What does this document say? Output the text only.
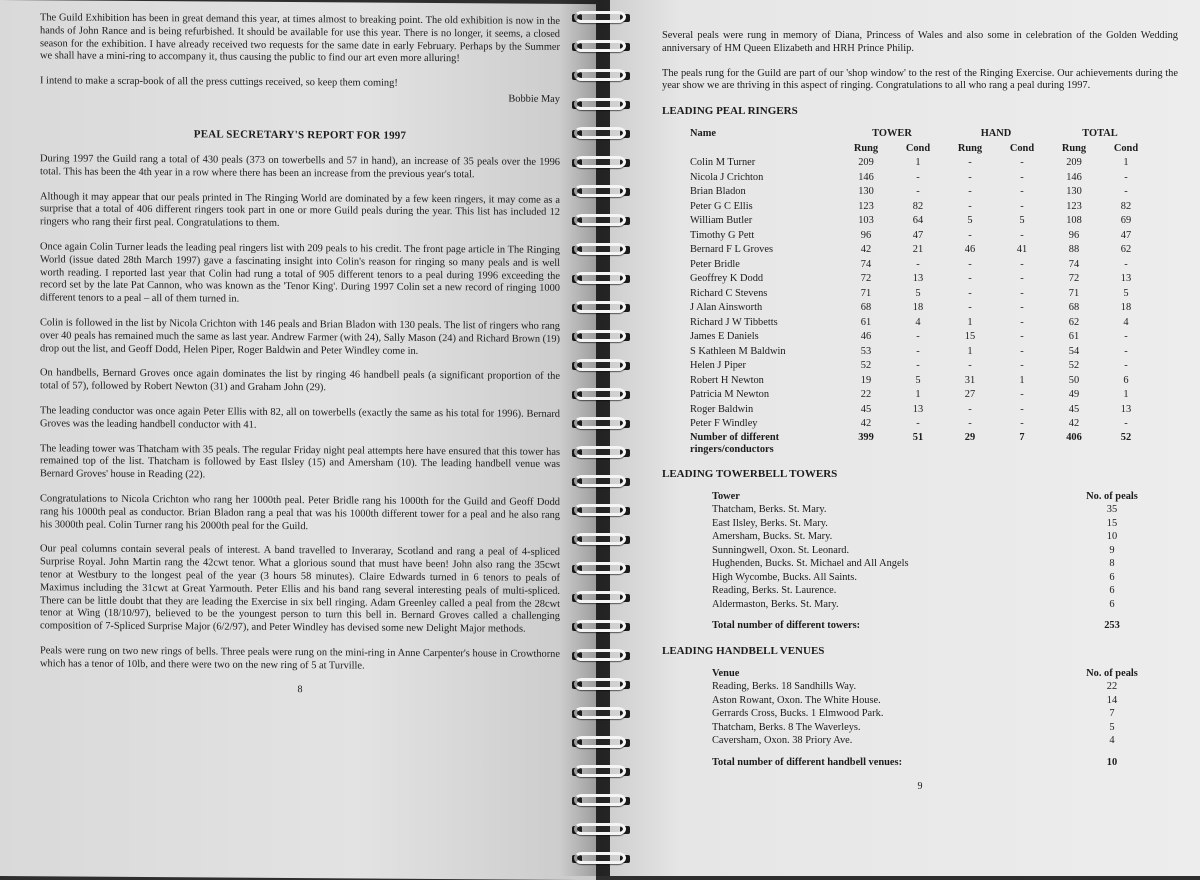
The Guild Exhibition has been in great demand this year, at times almost to breaking point. The old exhibition is now in the hands of John Rance and is being refurbished. It should be available for use this year. There is no longer, it seems, a closed season for the exhibition. I have already received two requests for the same date in early February. Perhaps by the Summer we shall have a mini-ring to accompany it, thus causing the public to find our art even more alluring!

I intend to make a scrap-book of all the press cuttings received, so keep them coming!

Bobbie May
PEAL SECRETARY'S REPORT FOR 1997

During 1997 the Guild rang a total of 430 peals (373 on towerbells and 57 in hand), an increase of 35 peals over the 1996 total. This has been the 4th year in a row where there has been an increase from the previous year's total.

Although it may appear that our peals printed in The Ringing World are dominated by a few keen ringers, it may come as a surprise that a total of 406 different ringers took part in one or more Guild peals during the year. This list has included 12 ringers who rang their first peal. Congratulations to them.

Once again Colin Turner leads the leading peal ringers list with 209 peals to his credit. The front page article in The Ringing World (issue dated 28th March 1997) gave a fascinating insight into Colin's reason for ringing so many peals and is well worth reading. I reported last year that Colin had rung a total of 905 different tenors to a peal during 1996 exceeding the record set by the late Pat Cannon, who was known as the 'Tenor King'. During 1997 Colin set a new record of ringing 1000 different tenors to a peal – all of them turned in.

Colin is followed in the list by Nicola Crichton with 146 peals and Brian Bladon with 130 peals. The list of ringers who rang over 40 peals has remained much the same as last year. Andrew Farmer (with 24), Sally Mason (24) and Richard Brown (19) drop out the list, and Geoff Dodd, Helen Piper, Roger Baldwin and Peter Windley come in.

On handbells, Bernard Groves once again dominates the list by ringing 46 handbell peals (a significant proportion of the total of 57), followed by Robert Newton (31) and Graham John (29).

The leading conductor was once again Peter Ellis with 82, all on towerbells (exactly the same as his total for 1996). Bernard Groves was the leading handbell conductor with 41.

The leading tower was Thatcham with 35 peals. The regular Friday night peal attempts here have ensured that this tower has remained top of the list. Thatcham is followed by East Ilsley (15) and Amersham (10). The leading handbell venue was Bernard Groves' house in Reading (22).

Congratulations to Nicola Crichton who rang her 1000th peal. Peter Bridle rang his 1000th for the Guild and Geoff Dodd rang his 1000th peal as conductor. Brian Bladon rang a peal that was his 1000th different tower for a peal and he also rang his 3000th peal. Colin Turner rang his 2000th peal for the Guild.

Our peal columns contain several peals of interest. A band travelled to Inveraray, Scotland and rang a peal of 4-spliced Surprise Royal. John Martin rang the 42cwt tenor. What a glorious sound that must have been! John also rang the 35cwt tenor at Westbury to the longest peal of the year (3 hours 58 minutes). Claire Edwards turned in 6 tenors to peals of Maximus including the 31cwt at Great Yarmouth. Peter Ellis and his band rang several interesting peals of multi-spliced. There can be little doubt that they are leading the Exercise in six bell ringing. Adam Greenley called a peal from the 28cwt tenor at Wing (18/10/97), believed to be the youngest person to turn this bell in. Bernard Groves called a challenging composition of 7-Spliced Surprise Major (6/2/97), and Peter Windley has devised some new Delight Major methods.

Peals were rung on two new rings of bells. Three peals were rung on the mini-ring in Anne Carpenter's house in Crowthorne which has a tenor of 10lb, and there were two on the new ring of 5 at Turville.

8

Several peals were rung in memory of Diana, Princess of Wales and also some in celebration of the Golden Wedding anniversary of HM Queen Elizabeth and HRH Prince Philip.

The peals rung for the Guild are part of our 'shop window' to the rest of the Ringing Exercise. Our achievements during the year show we are thriving in this aspect of ringing. Congratulations to all who rang a peal during 1997.

LEADING PEAL RINGERS
Name	TOWER		HAND		TOTAL	
	Rung	Cond	Rung	Cond	Rung	Cond
Colin M Turner	209	1	-	-	209	1
Nicola J Crichton	146	-	-	-	146	-
Brian Bladon	130	-	-	-	130	-
Peter G C Ellis	123	82	-	-	123	82
William Butler	103	64	5	5	108	69
Timothy G Pett	96	47	-	-	96	47
Bernard F L Groves	42	21	46	41	88	62
Peter Bridle	74	-	-	-	74	-
Geoffrey K Dodd	72	13	-	-	72	13
Richard C Stevens	71	5	-	-	71	5
J Alan Ainsworth	68	18	-	-	68	18
Richard J W Tibbetts	61	4	1	-	62	4
James E Daniels	46	-	15	-	61	-
S Kathleen M Baldwin	53	-	1	-	54	-
Helen J Piper	52	-	-	-	52	-
Robert H Newton	19	5	31	1	50	6
Patricia M Newton	22	1	27	-	49	1
Roger Baldwin	45	13	-	-	45	13
Peter F Windley	42	-	-	-	42	-
Number of different ringers/conductors	399	51	29	7	406	52
LEADING TOWERBELL TOWERS
Tower	No. of peals
Thatcham, Berks. St. Mary.	35
East Ilsley, Berks. St. Mary.	15
Amersham, Bucks. St. Mary.	10
Sunningwell, Oxon. St. Leonard.	9
Hughenden, Bucks. St. Michael and All Angels	8
High Wycombe, Bucks. All Saints.	6
Reading, Berks. St. Laurence.	6
Aldermaston, Berks. St. Mary.	6

Total number of different towers:	253
LEADING HANDBELL VENUES
Venue	No. of peals
Reading, Berks. 18 Sandhills Way.	22
Aston Rowant, Oxon. The White House.	14
Gerrards Cross, Bucks. 1 Elmwood Park.	7
Thatcham, Berks. 8 The Waverleys.	5
Caversham, Oxon. 38 Priory Ave.	4

Total number of different handbell venues:	10
9
